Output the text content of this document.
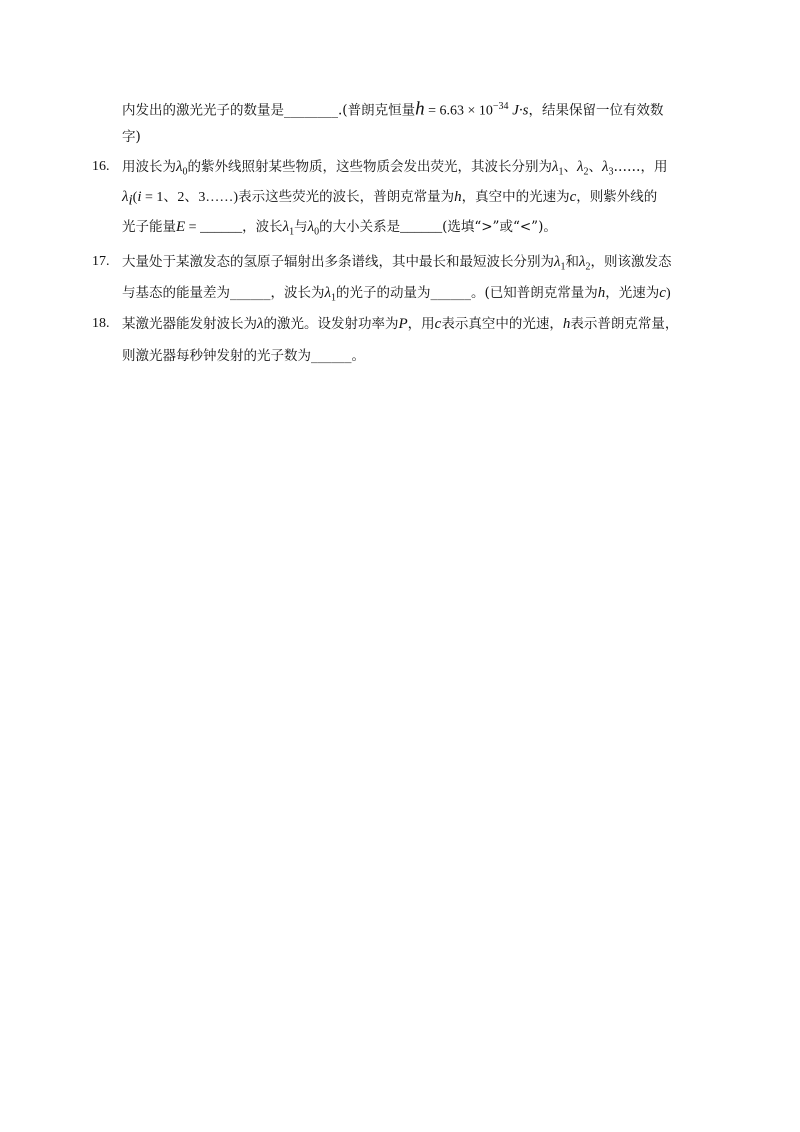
内发出的激光光子的数量是________.(普朗克恒量$h = 6.63 \times 10^{-34}$ J·s，结果保留一位有效数
字)
16. 用波长为$\lambda_0$的紫外线照射某些物质，这些物质会发出荧光，其波长分别为$\lambda_1$、$\lambda_2$、$\lambda_3\dots\dots$，用
$\lambda_i(i = 1$、2、3……)表示这些荧光的波长，普朗克常量为h，真空中的光速为c，则紫外线的
光子能量E = ______，波长$\lambda_1$与$\lambda_0$的大小关系是______(选填“>”或“<”)。
17. 大量处于某激发态的氢原子辐射出多条谱线，其中最长和最短波长分别为$\lambda_1$和$\lambda_2$，则该激发态
与基态的能量差为______，波长为$\lambda_1$的光子的动量为______。(已知普朗克常量为h，光速为c)
18. 某激光器能发射波长为λ的激光。设发射功率为P，用c表示真空中的光速，h表示普朗克常量，
则激光器每秒钟发射的光子数为______。
